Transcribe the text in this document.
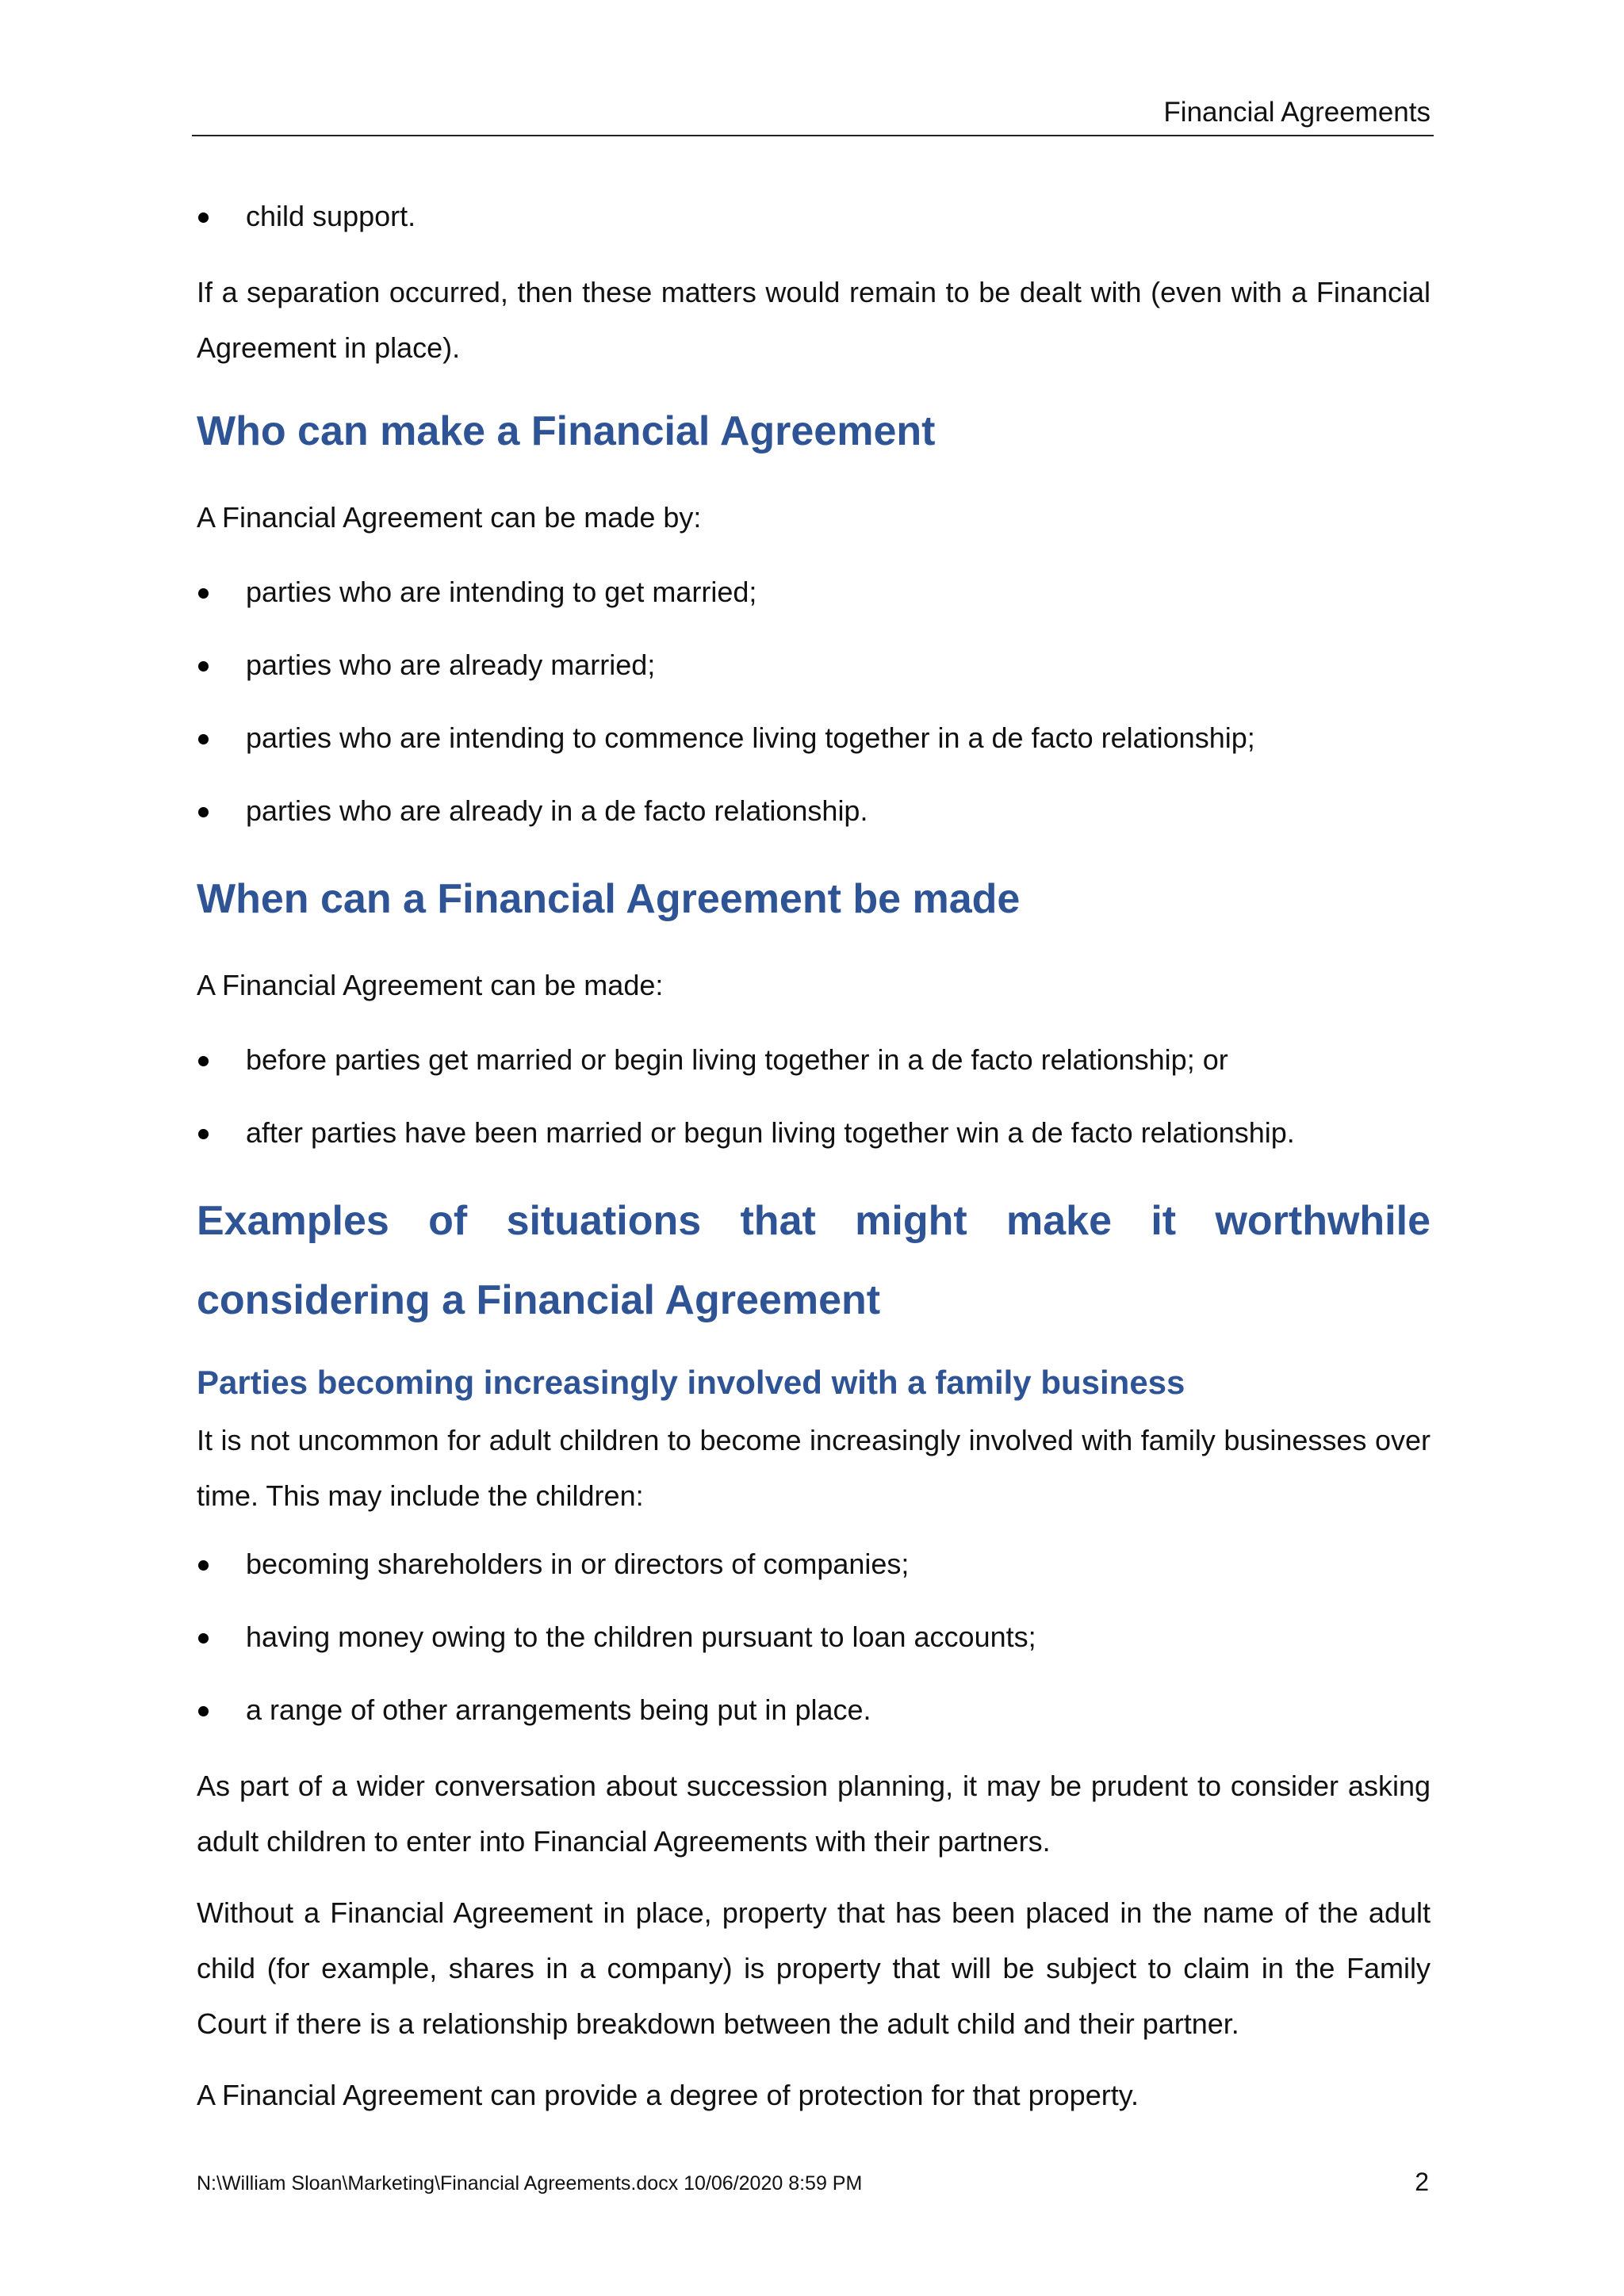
Financial Agreements
child support.

If a separation occurred, then these matters would remain to be dealt with (even with a Financial Agreement in place).

Who can make a Financial Agreement

A Financial Agreement can be made by:

parties who are intending to get married;
parties who are already married;
parties who are intending to commence living together in a de facto relationship;
parties who are already in a de facto relationship.
When can a Financial Agreement be made

A Financial Agreement can be made:

before parties get married or begin living together in a de facto relationship; or
after parties have been married or begun living together win a de facto relationship.
Examples of situations that might make it worthwhile considering a Financial Agreement
Parties becoming increasingly involved with a family business

It is not uncommon for adult children to become increasingly involved with family businesses over time. This may include the children:

becoming shareholders in or directors of companies;
having money owing to the children pursuant to loan accounts;
a range of other arrangements being put in place.

As part of a wider conversation about succession planning, it may be prudent to consider asking adult children to enter into Financial Agreements with their partners.

Without a Financial Agreement in place, property that has been placed in the name of the adult child (for example, shares in a company) is property that will be subject to claim in the Family Court if there is a relationship breakdown between the adult child and their partner.

A Financial Agreement can provide a degree of protection for that property.

N:\William Sloan\Marketing\Financial Agreements.docx 10/06/2020 8:59 PM	2
